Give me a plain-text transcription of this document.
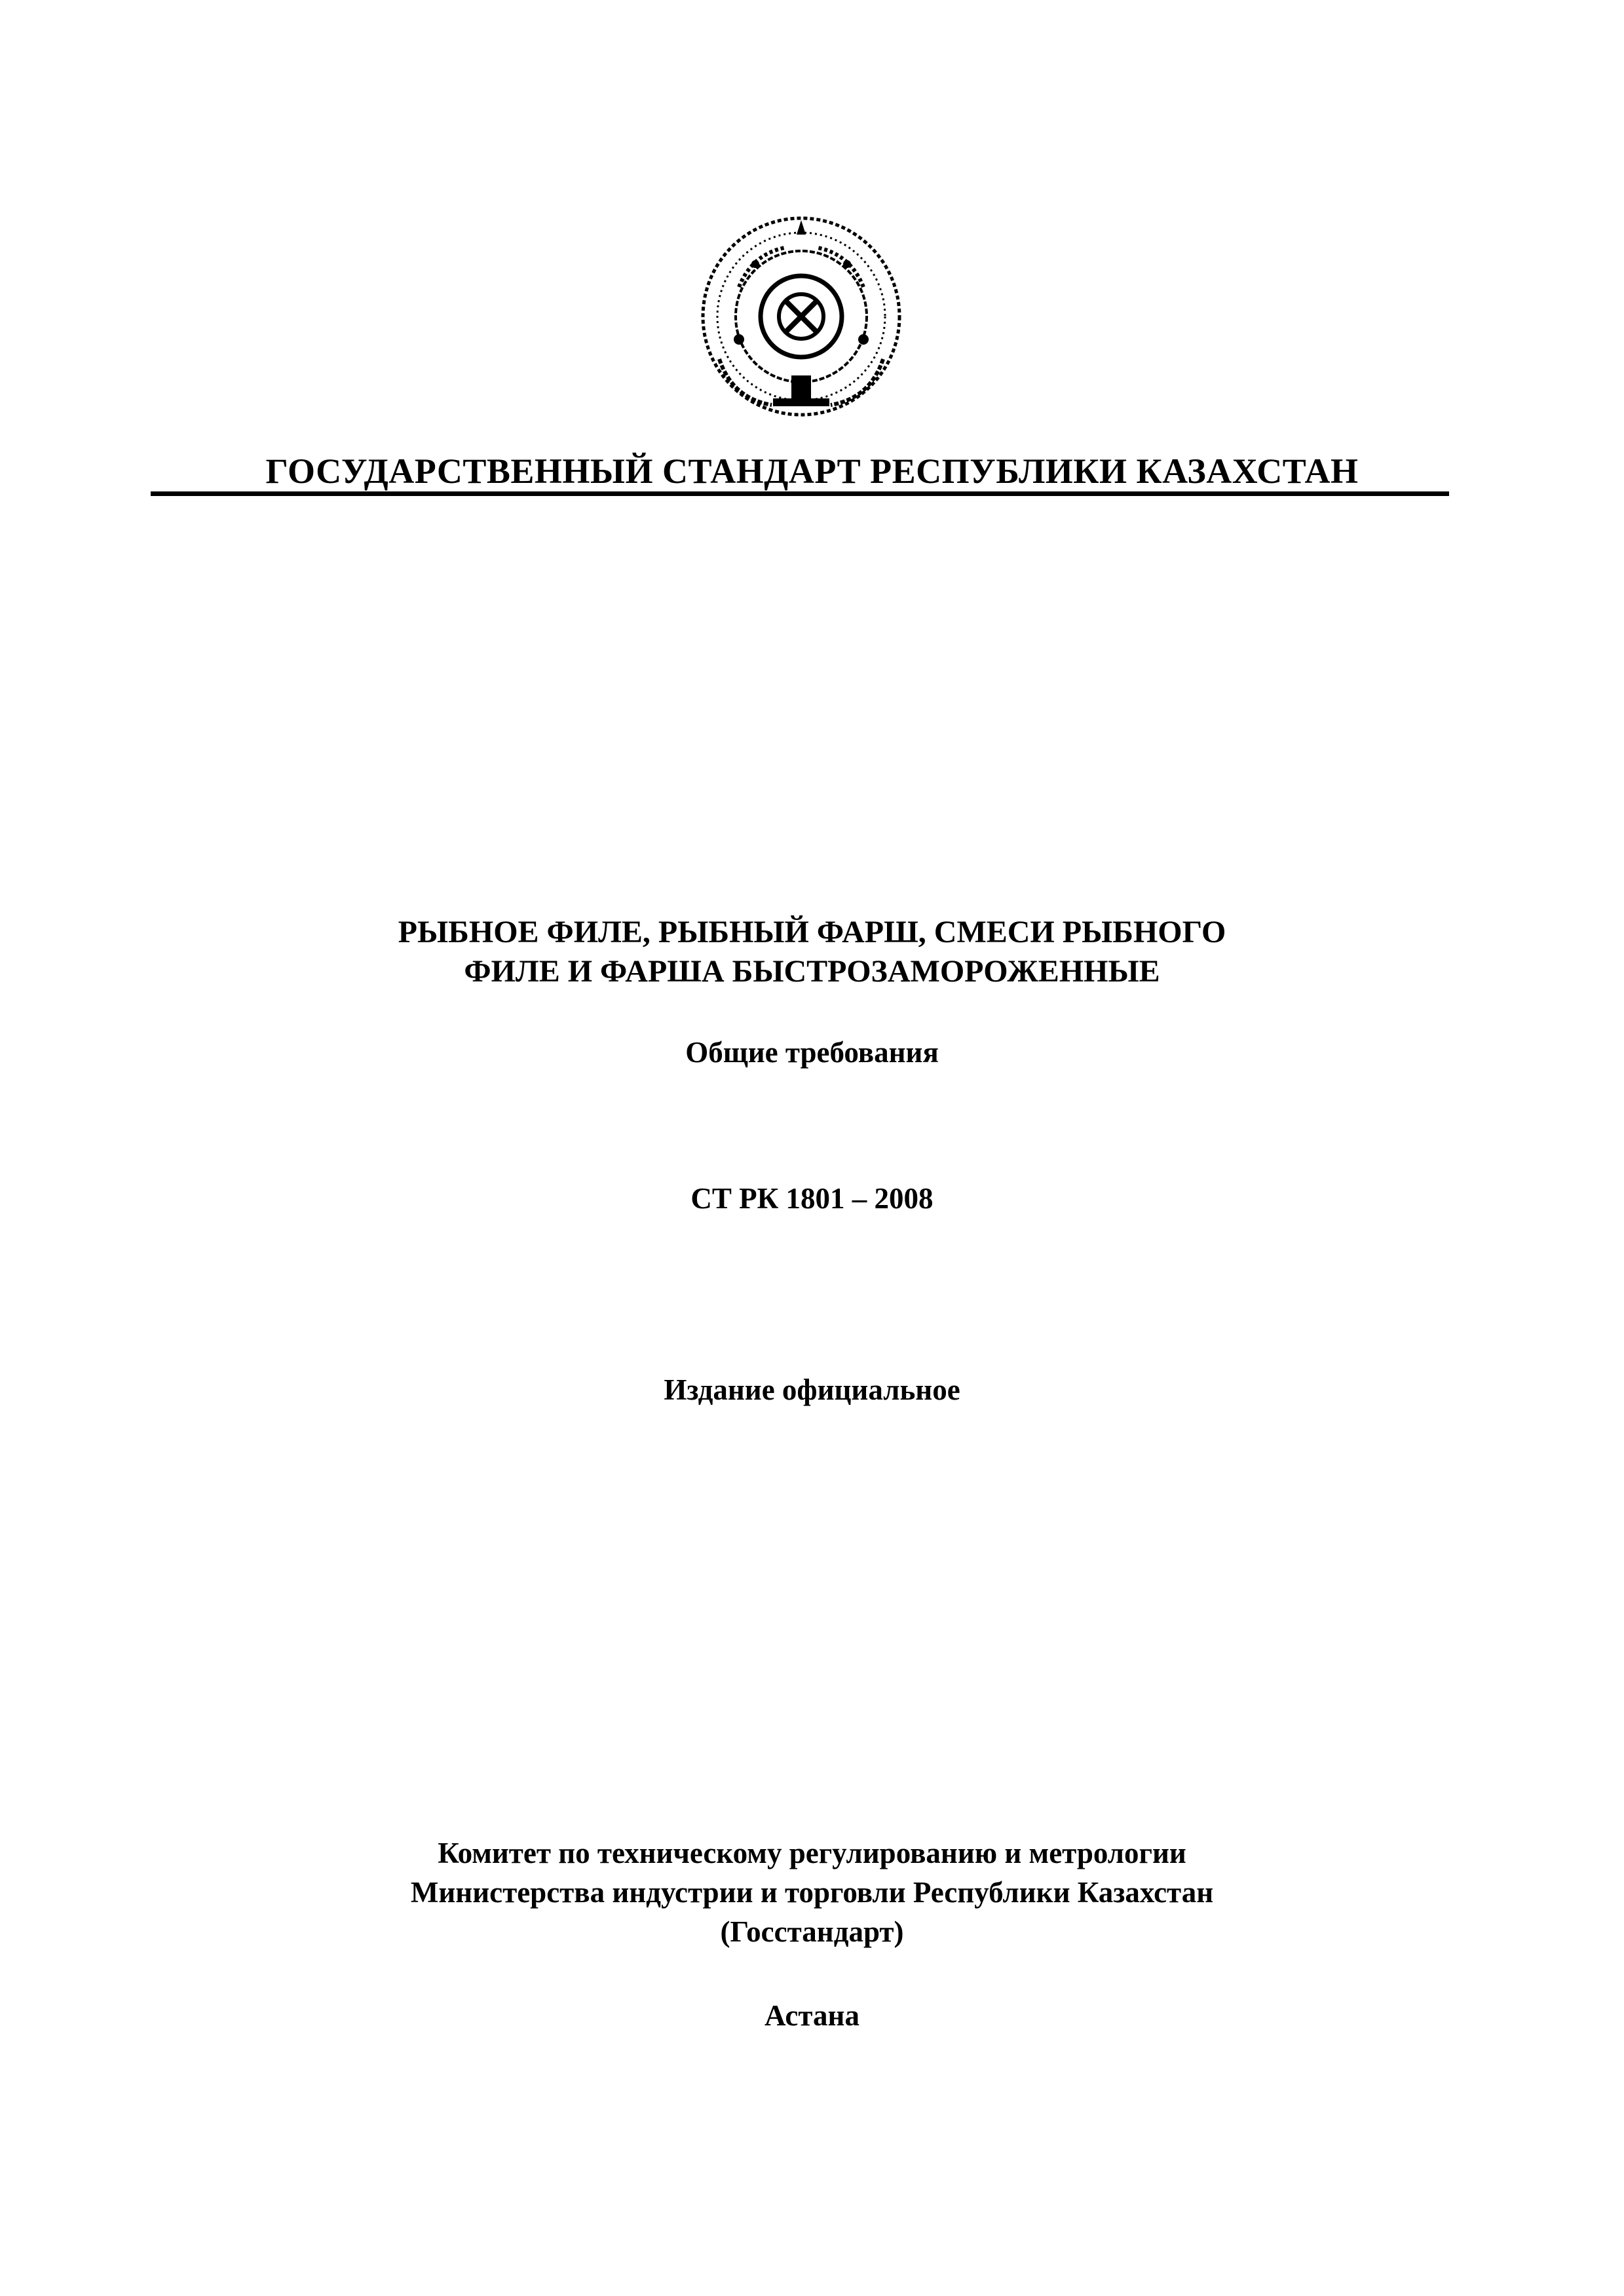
ГОСУДАРСТВЕННЫЙ СТАНДАРТ РЕСПУБЛИКИ КАЗАХСТАН
РЫБНОЕ ФИЛЕ, РЫБНЫЙ ФАРШ, СМЕСИ РЫБНОГО
ФИЛЕ И ФАРША БЫСТРОЗАМОРОЖЕННЫЕ
Общие требования
СТ РК 1801 – 2008
Издание официальное
Комитет по техническому регулированию и метрологии
Министерства индустрии и торговли Республики Казахстан
(Госстандарт)
Астана
